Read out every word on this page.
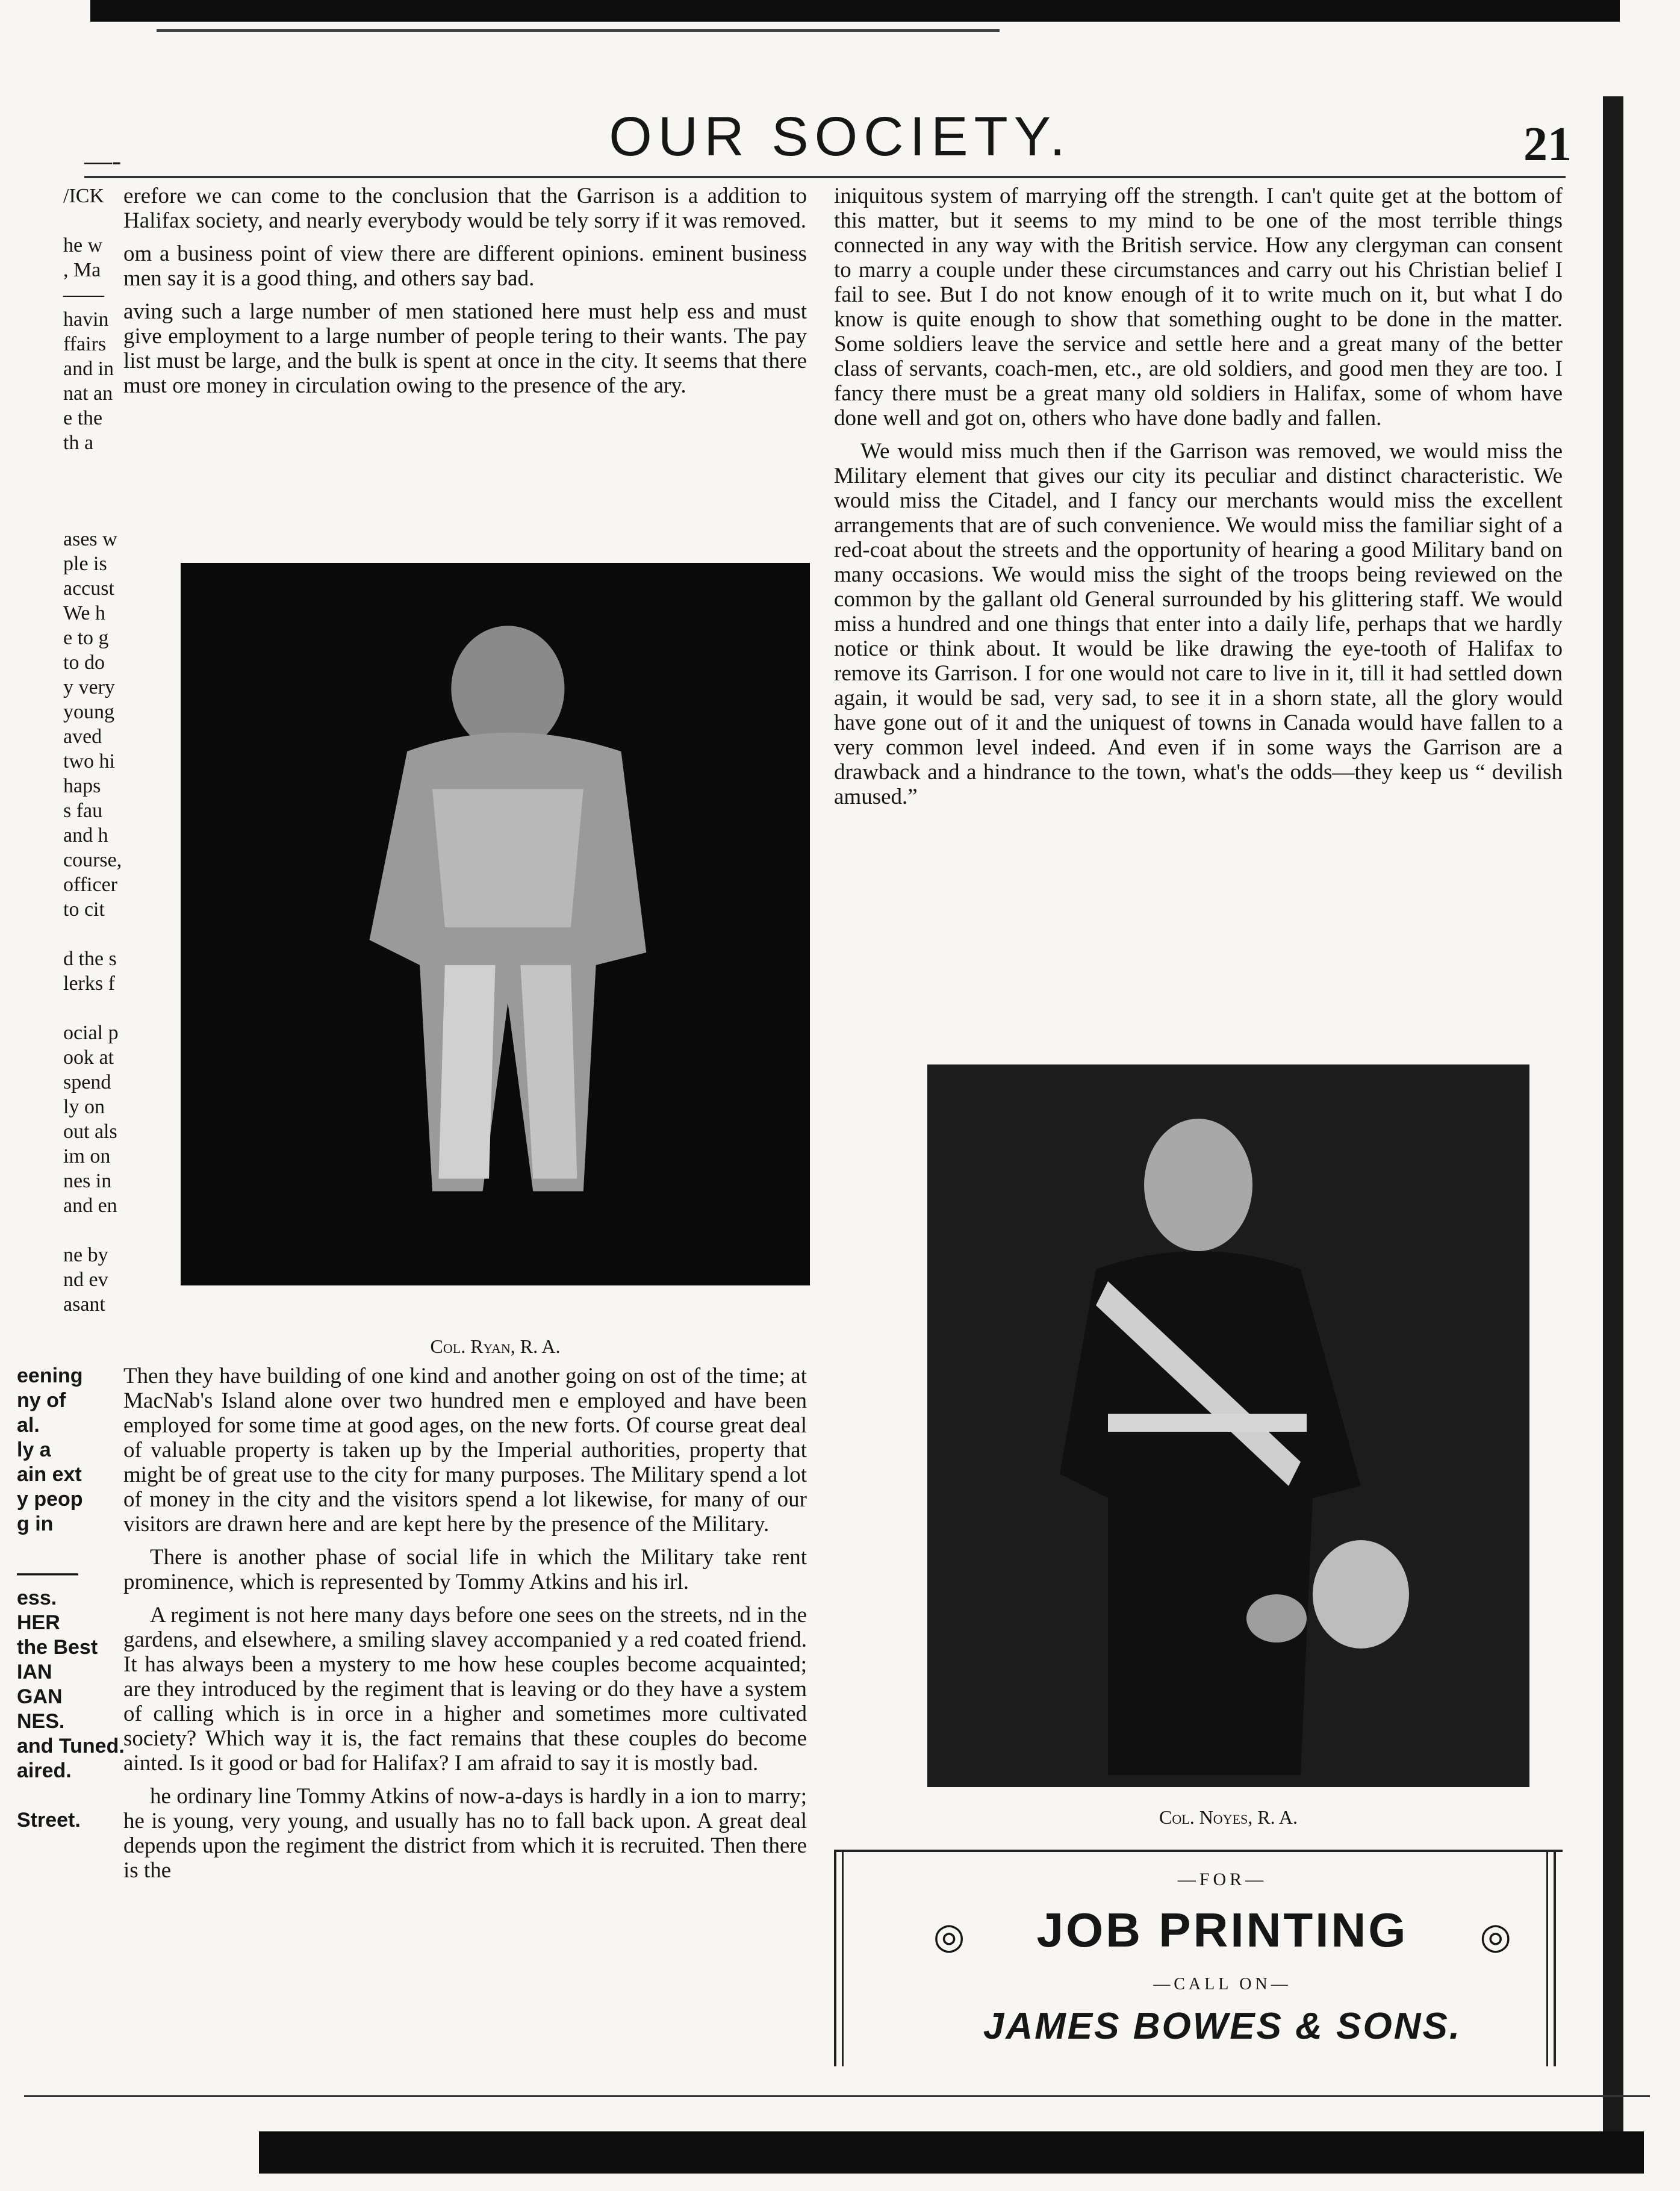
—-	OUR SOCIETY.	21
/ICK

he w
, Ma
——
havin
ffairs
and in
nat an
e the
th a
ases w
ple is
accust
We h
e to g
to do
y very
young
aved
two hi
haps
s fau
and h
course,
officer
to cit

d the s
lerks f

ocial p
ook at
spend
ly on
out als
im on
nes in
and en

ne by
nd ev
asant
eening
ny of
al.
ly a
ain ext
y peop
g in

———
ess.
HER
the Best
IAN
GAN
NES.
and Tuned.
aired.

Street.

erefore we can come to the conclusion that the Garrison is a addition to Halifax society, and nearly everybody would be tely sorry if it was removed.

om a business point of view there are different opinions. eminent business men say it is a good thing, and others say bad.

aving such a large number of men stationed here must help ess and must give employment to a large number of people tering to their wants. The pay list must be large, and the bulk is spent at once in the city. It seems that there must ore money in circulation owing to the presence of the ary.

Col. Ryan, R. A.

Then they have building of one kind and another going on ost of the time; at MacNab's Island alone over two hundred men e employed and have been employed for some time at good ages, on the new forts. Of course great deal of valuable property is taken up by the Imperial authorities, property that might be of great use to the city for many purposes. The Military spend a lot of money in the city and the visitors spend a lot likewise, for many of our visitors are drawn here and are kept here by the presence of the Military.

There is another phase of social life in which the Military take rent prominence, which is represented by Tommy Atkins and his irl.

A regiment is not here many days before one sees on the streets, nd in the gardens, and elsewhere, a smiling slavey accompanied y a red coated friend. It has always been a mystery to me how hese couples become acquainted; are they introduced by the regiment that is leaving or do they have a system of calling which is in orce in a higher and sometimes more cultivated society? Which way it is, the fact remains that these couples do become ainted. Is it good or bad for Halifax? I am afraid to say it is mostly bad.

he ordinary line Tommy Atkins of now-a-days is hardly in a ion to marry; he is young, very young, and usually has no to fall back upon. A great deal depends upon the regiment the district from which it is recruited. Then there is the

iniquitous system of marrying off the strength. I can't quite get at the bottom of this matter, but it seems to my mind to be one of the most terrible things connected in any way with the British service. How any clergyman can consent to marry a couple under these circumstances and carry out his Christian belief I fail to see. But I do not know enough of it to write much on it, but what I do know is quite enough to show that something ought to be done in the matter. Some soldiers leave the service and settle here and a great many of the better class of servants, coach-men, etc., are old soldiers, and good men they are too. I fancy there must be a great many old soldiers in Halifax, some of whom have done well and got on, others who have done badly and fallen.

We would miss much then if the Garrison was removed, we would miss the Military element that gives our city its peculiar and distinct characteristic. We would miss the Citadel, and I fancy our merchants would miss the excellent arrangements that are of such convenience. We would miss the familiar sight of a red-coat about the streets and the opportunity of hearing a good Military band on many occasions. We would miss the sight of the troops being reviewed on the common by the gallant old General surrounded by his glittering staff. We would miss a hundred and one things that enter into a daily life, perhaps that we hardly notice or think about. It would be like drawing the eye-tooth of Halifax to remove its Garrison. I for one would not care to live in it, till it had settled down again, it would be sad, very sad, to see it in a shorn state, all the glory would have gone out of it and the uniquest of towns in Canada would have fallen to a very common level indeed. And even if in some ways the Garrison are a drawback and a hindrance to the town, what's the odds—they keep us “ devilish amused.”

Col. Noyes, R. A.
—FOR—
◎	JOB PRINTING	◎
—CALL ON—
JAMES BOWES & SONS.
